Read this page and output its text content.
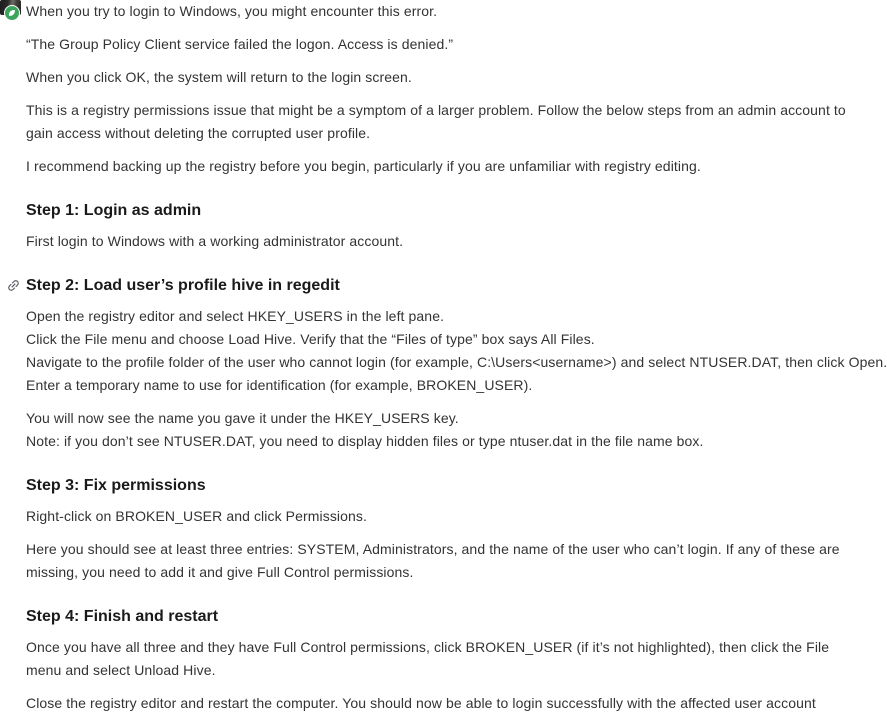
When you try to login to Windows, you might encounter this error.

“The Group Policy Client service failed the logon. Access is denied.”

When you click OK, the system will return to the login screen.

This is a registry permissions issue that might be a symptom of a larger problem. Follow the below steps from an admin account to gain access without deleting the corrupted user profile.

I recommend backing up the registry before you begin, particularly if you are unfamiliar with registry editing.

Step 1: Login as admin

First login to Windows with a working administrator account.

Step 2: Load user’s profile hive in regedit

Open the registry editor and select HKEY_USERS in the left pane.
Click the File menu and choose Load Hive. Verify that the “Files of type” box says All Files.
Navigate to the profile folder of the user who cannot login (for example, C:\Users<username>) and select NTUSER.DAT, then click Open.
Enter a temporary name to use for identification (for example, BROKEN_USER).

You will now see the name you gave it under the HKEY_USERS key.
Note: if you don’t see NTUSER.DAT, you need to display hidden files or type ntuser.dat in the file name box.

Step 3: Fix permissions

Right-click on BROKEN_USER and click Permissions.

Here you should see at least three entries: SYSTEM, Administrators, and the name of the user who can’t login. If any of these are missing, you need to add it and give Full Control permissions.

Step 4: Finish and restart

Once you have all three and they have Full Control permissions, click BROKEN_USER (if it’s not highlighted), then click the File menu and select Unload Hive.

Close the registry editor and restart the computer. You should now be able to login successfully with the affected user account
